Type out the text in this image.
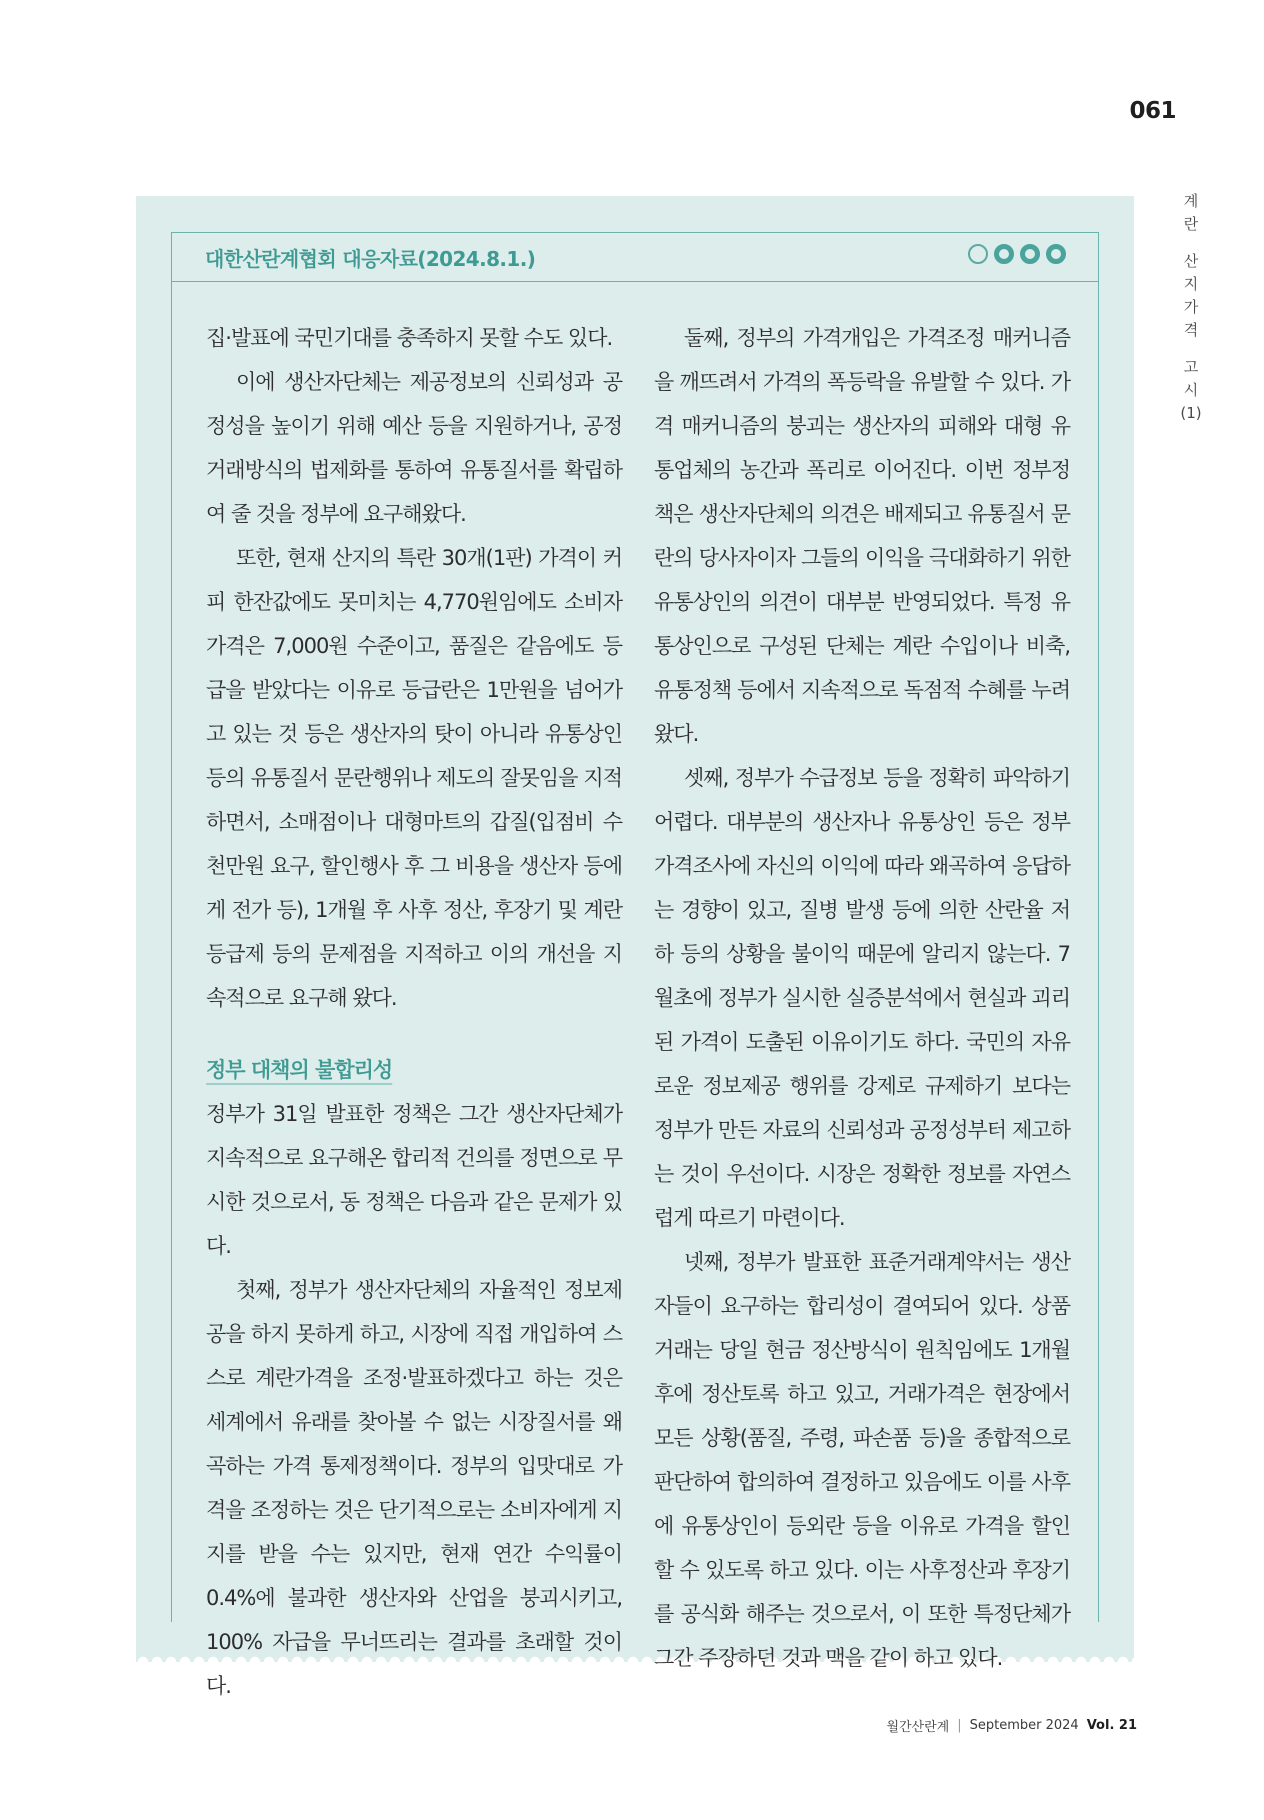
061
계
란
산
지
가
격
고
시
(1)
대한산란계협회 대응자료(2024.8.1.)

집·발표에 국민기대를 충족하지 못할 수도 있다.

이에 생산자단체는 제공정보의 신뢰성과 공정성을 높이기 위해 예산 등을 지원하거나, 공정 거래방식의 법제화를 통하여 유통질서를 확립하여 줄 것을 정부에 요구해왔다.

또한, 현재 산지의 특란 30개(1판) 가격이 커피 한잔값에도 못미치는 4,770원임에도 소비자가격은 7,000원 수준이고, 품질은 같음에도 등급을 받았다는 이유로 등급란은 1만원을 넘어가고 있는 것 등은 생산자의 탓이 아니라 유통상인 등의 유통질서 문란행위나 제도의 잘못임을 지적하면서, 소매점이나 대형마트의 갑질(입점비 수천만원 요구, 할인행사 후 그 비용을 생산자 등에게 전가 등), 1개월 후 사후 정산, 후장기 및 계란 등급제 등의 문제점을 지적하고 이의 개선을 지속적으로 요구해 왔다.

정부 대책의 불합리성

정부가 31일 발표한 정책은 그간 생산자단체가 지속적으로 요구해온 합리적 건의를 정면으로 무시한 것으로서, 동 정책은 다음과 같은 문제가 있다.

첫째, 정부가 생산자단체의 자율적인 정보제공을 하지 못하게 하고, 시장에 직접 개입하여 스스로 계란가격을 조정·발표하겠다고 하는 것은 세계에서 유래를 찾아볼 수 없는 시장질서를 왜곡하는 가격 통제정책이다. 정부의 입맛대로 가격을 조정하는 것은 단기적으로는 소비자에게 지지를 받을 수는 있지만, 현재 연간 수익률이 0.4%에 불과한 생산자와 산업을 붕괴시키고, 100% 자급을 무너뜨리는 결과를 초래할 것이다.

둘째, 정부의 가격개입은 가격조정 매커니즘을 깨뜨려서 가격의 폭등락을 유발할 수 있다. 가격 매커니즘의 붕괴는 생산자의 피해와 대형 유통업체의 농간과 폭리로 이어진다. 이번 정부정책은 생산자단체의 의견은 배제되고 유통질서 문란의 당사자이자 그들의 이익을 극대화하기 위한 유통상인의 의견이 대부분 반영되었다. 특정 유통상인으로 구성된 단체는 계란 수입이나 비축, 유통정책 등에서 지속적으로 독점적 수혜를 누려왔다.

셋째, 정부가 수급정보 등을 정확히 파악하기 어렵다. 대부분의 생산자나 유통상인 등은 정부 가격조사에 자신의 이익에 따라 왜곡하여 응답하는 경향이 있고, 질병 발생 등에 의한 산란율 저하 등의 상황을 불이익 때문에 알리지 않는다. 7월초에 정부가 실시한 실증분석에서 현실과 괴리된 가격이 도출된 이유이기도 하다. 국민의 자유로운 정보제공 행위를 강제로 규제하기 보다는 정부가 만든 자료의 신뢰성과 공정성부터 제고하는 것이 우선이다. 시장은 정확한 정보를 자연스럽게 따르기 마련이다.

넷째, 정부가 발표한 표준거래계약서는 생산자들이 요구하는 합리성이 결여되어 있다. 상품거래는 당일 현금 정산방식이 원칙임에도 1개월 후에 정산토록 하고 있고, 거래가격은 현장에서 모든 상황(품질, 주령, 파손품 등)을 종합적으로 판단하여 합의하여 결정하고 있음에도 이를 사후에 유통상인이 등외란 등을 이유로 가격을 할인할 수 있도록 하고 있다. 이는 사후정산과 후장기를 공식화 해주는 것으로서, 이 또한 특정단체가 그간 주장하던 것과 맥을 같이 하고 있다.

월간산란계 | September 2024 Vol. 21
